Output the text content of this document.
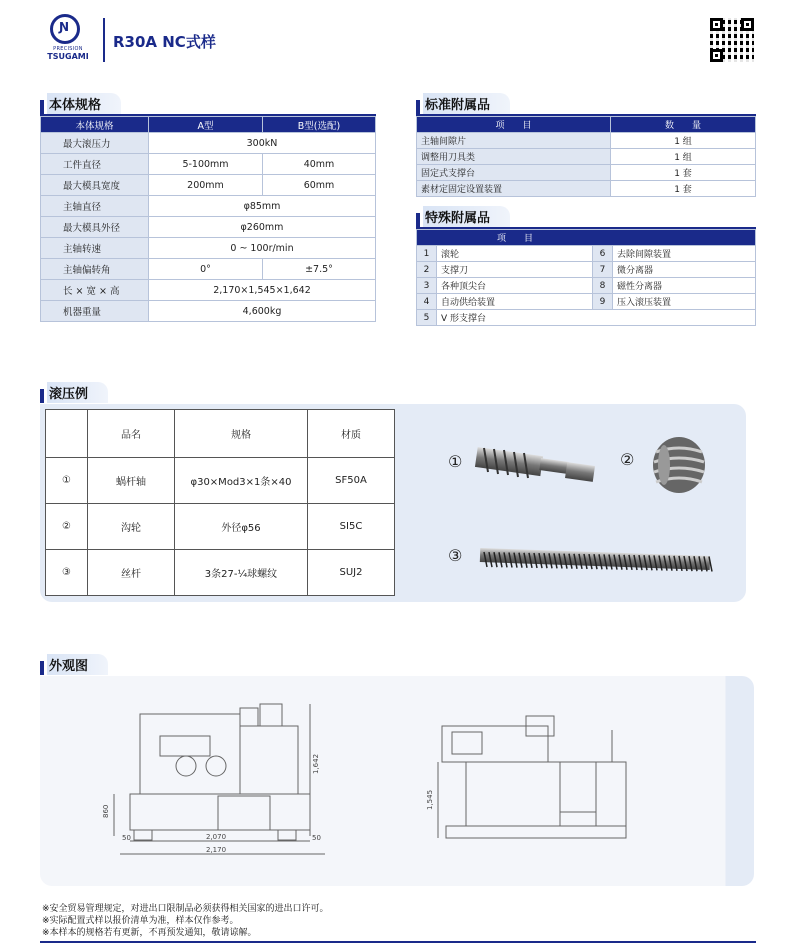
Ɲ
PRECISION
TSUGAMI
R30A NC式样
本体规格
本体规格	A型	B型(选配)
最大滚压力	300kN	
工件直径	5-100mm	40mm
最大模具宽度	200mm	60mm
主轴直径	φ85mm	
最大模具外径	φ260mm	
主轴转速	0 ~ 100r/min	
主轴偏转角	0°	±7.5°
长 × 宽 × 高	2,170×1,545×1,642	
机器重量	4,600kg	
标准附属品
项　　目	数　　量
主轴间隙片	1 组
调整用刀具类	1 组
固定式支撑台	1 套
素材定固定设置装置	1 套
特殊附属品
项　　目			
1	滚轮	6	去除间隙装置
2	支撑刀	7	微分离器
3	各种顶尖台	8	磁性分离器
4	自动供给装置	9	压入滚压装置
5	V 形支撑台		
滚压例
	品名	规格	材质
①	蜗杆轴	φ30×Mod3×1条×40	SF50A
②	沟轮	外径φ56	SI5C
③	丝杆	3条27-¼球螺纹	SUJ2
①	②
③
外观图
1,642
860
50	2,070	50
2,170
1,545
※安全贸易管理规定，对进出口限制品必须获得相关国家的进出口许可。
※实际配置式样以报价清单为准，样本仅作参考。
※本样本的规格若有更新，不再预发通知，敬请谅解。
